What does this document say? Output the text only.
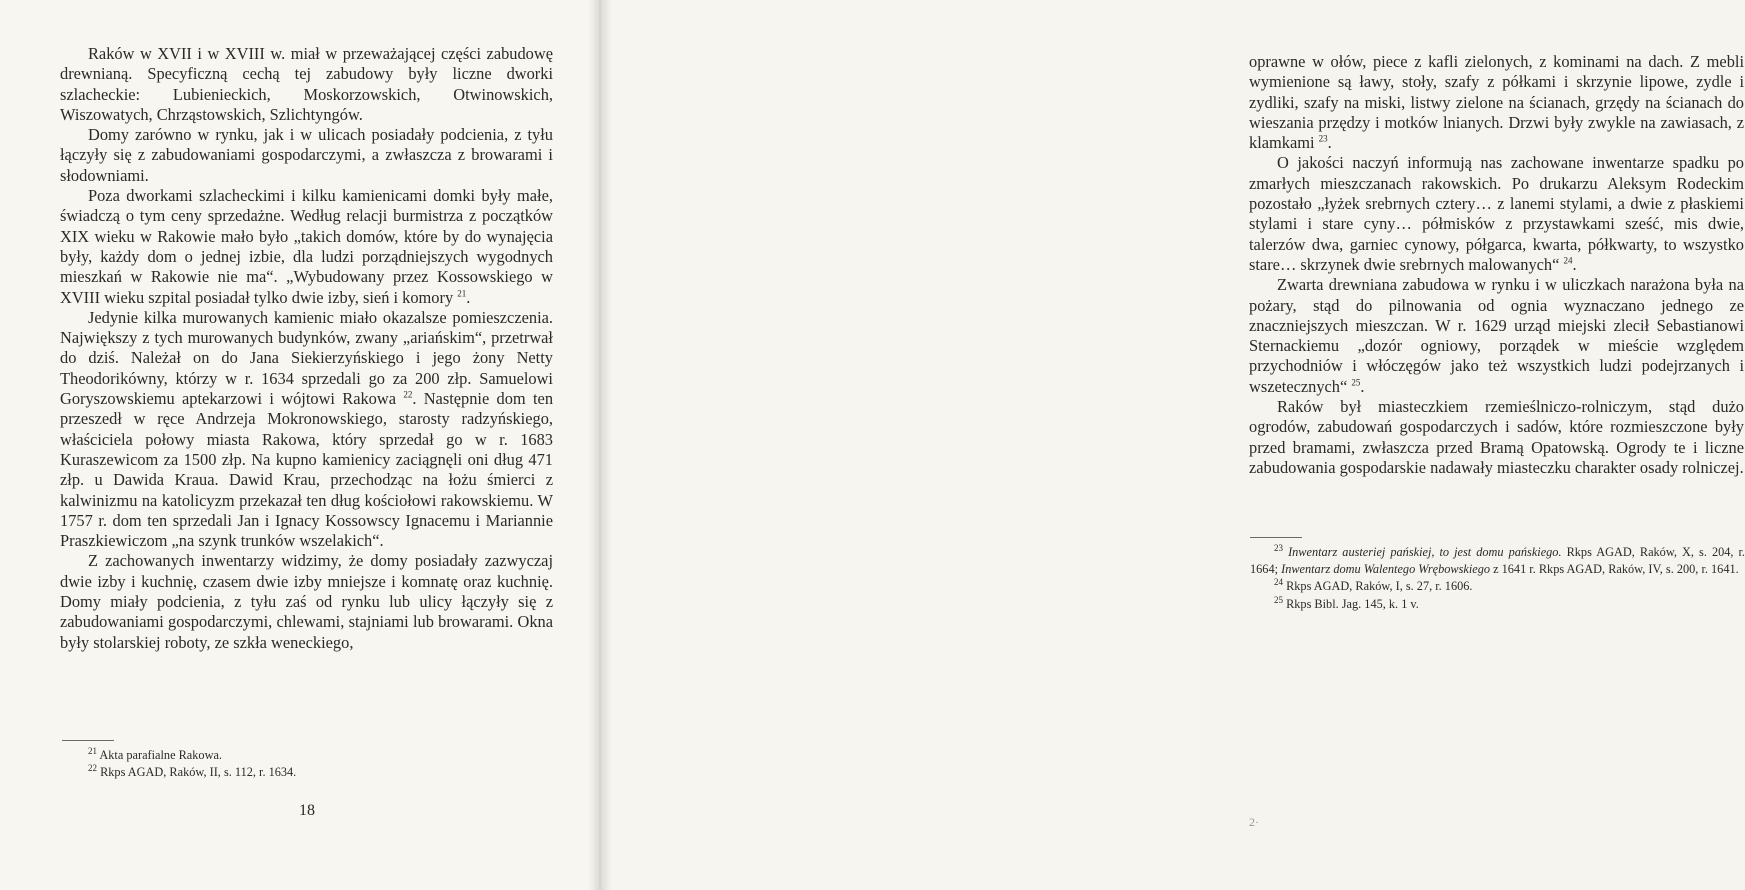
Raków w XVII i w XVIII w. miał w przeważającej części zabudowę drewnianą. Specyficzną cechą tej zabudowy były liczne dworki szlacheckie: Lubienieckich, Moskorzowskich, Otwinowskich, Wiszowatych, Chrząstowskich, Szlichtyngów.

Domy zarówno w rynku, jak i w ulicach posiadały podcienia, z tyłu łączyły się z zabudowaniami gospodarczymi, a zwłaszcza z browarami i słodowniami.

Poza dworkami szlacheckimi i kilku kamienicami domki były małe, świadczą o tym ceny sprzedażne. Według relacji burmistrza z początków XIX wieku w Rakowie mało było „takich domów, które by do wynajęcia były, każdy dom o jednej izbie, dla ludzi porządniejszych wygodnych mieszkań w Rakowie nie ma“. „Wybudowany przez Kossowskiego w XVIII wieku szpital posiadał tylko dwie izby, sień i komory $^{21}$.

Jedynie kilka murowanych kamienic miało okazalsze pomieszczenia. Największy z tych murowanych budynków, zwany „ariańskim“, przetrwał do dziś. Należał on do Jana Siekierzyńskiego i jego żony Netty Theodorikówny, którzy w r. 1634 sprzedali go za 200 złp. Samuelowi Goryszowskiemu aptekarzowi i wójtowi Rakowa $^{22}$. Następnie dom ten przeszedł w ręce Andrzeja Mokronowskiego, starosty radzyńskiego, właściciela połowy miasta Rakowa, który sprzedał go w r. 1683 Kuraszewicom za 1500 złp. Na kupno kamienicy zaciągnęli oni dług 471 złp. u Dawida Kraua. Dawid Krau, przechodząc na łożu śmierci z kalwinizmu na katolicyzm przekazał ten dług kościołowi rakowskiemu. W 1757 r. dom ten sprzedali Jan i Ignacy Kossowscy Ignacemu i Mariannie Praszkiewiczom „na szynk trunków wszelakich“.

Z zachowanych inwentarzy widzimy, że domy posiadały zazwyczaj dwie izby i kuchnię, czasem dwie izby mniejsze i komnatę oraz kuchnię. Domy miały podcienia, z tyłu zaś od rynku lub ulicy łączyły się z zabudowaniami gospodarczymi, chlewami, stajniami lub browarami. Okna były stolarskiej roboty, ze szkła weneckiego,

$^{21}$ Akta parafialne Rakowa.

$^{22}$ Rkps AGAD, Raków, II, s. 112, r. 1634.

18

oprawne w ołów, piece z kafli zielonych, z kominami na dach. Z mebli wymienione są ławy, stoły, szafy z półkami i skrzynie lipowe, zydle i zydliki, szafy na miski, listwy zielone na ścianach, grzędy na ścianach do wieszania przędzy i motków lnianych. Drzwi były zwykle na zawiasach, z klamkami $^{23}$.

O jakości naczyń informują nas zachowane inwentarze spadku po zmarłych mieszczanach rakowskich. Po drukarzu Aleksym Rodeckim pozostało „łyżek srebrnych cztery… z lanemi stylami, a dwie z płaskiemi stylami i stare cyny… półmisków z przystawkami sześć, mis dwie, talerzów dwa, garniec cynowy, półgarca, kwarta, półkwarty, to wszystko stare… skrzynek dwie srebrnych malowanych“ $^{24}$.

Zwarta drewniana zabudowa w rynku i w uliczkach narażona była na pożary, stąd do pilnowania od ognia wyznaczano jednego ze znaczniejszych mieszczan. W r. 1629 urząd miejski zlecił Sebastianowi Sternackiemu „dozór ogniowy, porządek w mieście względem przychodniów i włóczęgów jako też wszystkich ludzi podejrzanych i wszetecznych“ $^{25}$.

Raków był miasteczkiem rzemieślniczo-rolniczym, stąd dużo ogrodów, zabudowań gospodarczych i sadów, które rozmieszczone były przed bramami, zwłaszcza przed Bramą Opatowską. Ogrody te i liczne zabudowania gospodarskie nadawały miasteczku charakter osady rolniczej.

$^{23}$ Inwentarz austeriej pańskiej, to jest domu pańskiego. Rkps AGAD, Raków, X, s. 204, r. 1664; Inwentarz domu Walentego Wrębowskiego z 1641 r. Rkps AGAD, Raków, IV, s. 200, r. 1641.

$^{24}$ Rkps AGAD, Raków, I, s. 27, r. 1606.

$^{25}$ Rkps Bibl. Jag. 145, k. 1 v.

2·
